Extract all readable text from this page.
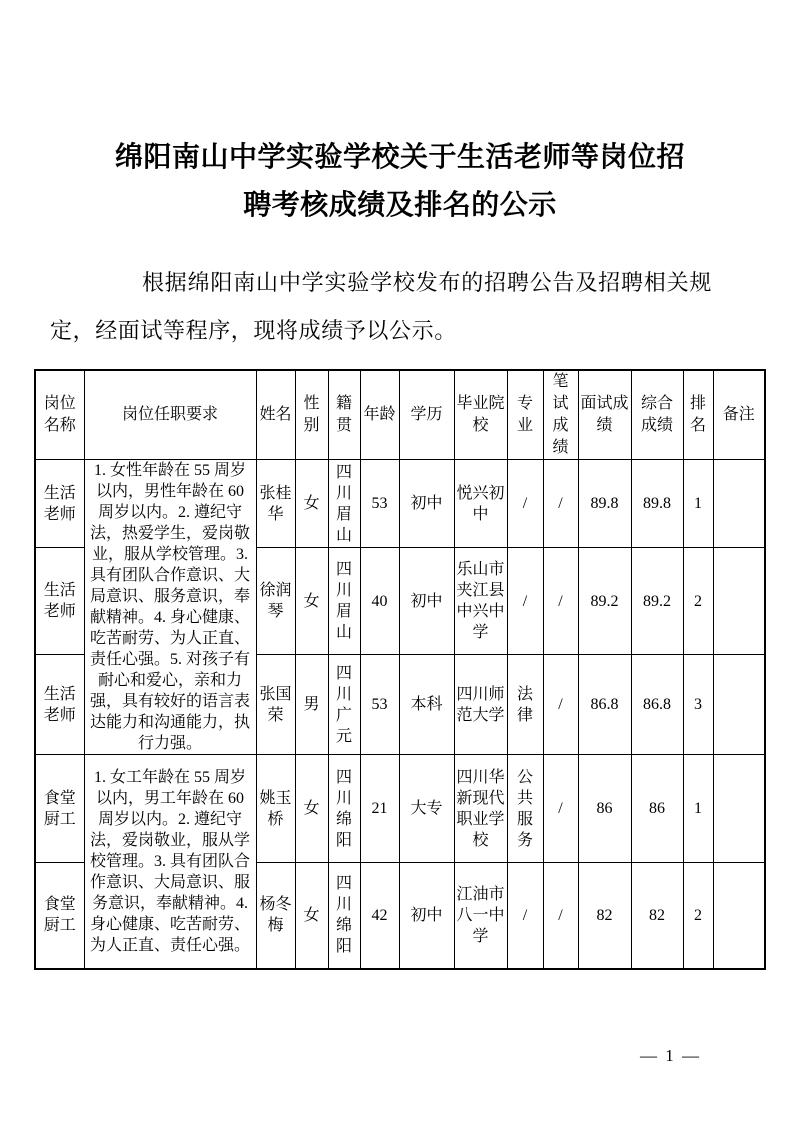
绵阳南山中学实验学校关于生活老师等岗位招
聘考核成绩及排名的公示

根据绵阳南山中学实验学校发布的招聘公告及招聘相关规定，经面试等程序，现将成绩予以公示。

岗位名称	岗位任职要求	姓名	性别	籍贯	年龄	学历	毕业院校	专业	笔试成绩	面试成绩	综合成绩	排名	备注
生活老师	1. 女性年龄在 55 周岁以内，男性年龄在 60 周岁以内。2. 遵纪守法，热爱学生，爱岗敬业，服从学校管理。3. 具有团队合作意识、大局意识、服务意识，奉献精神。4. 身心健康、吃苦耐劳、为人正直、责任心强。5. 对孩子有耐心和爱心，亲和力强，具有较好的语言表达能力和沟通能力，执行力强。	张桂华	女	四川眉山	53	初中	悦兴初中	/	/	89.8	89.8	1	
生活老师		徐润琴	女	四川眉山	40	初中	乐山市夹江县中兴中学	/	/	89.2	89.2	2	
生活老师		张国荣	男	四川广元	53	本科	四川师范大学	法律	/	86.8	86.8	3	
食堂厨工	1. 女工年龄在 55 周岁以内，男工年龄在 60 周岁以内。2. 遵纪守法，爱岗敬业，服从学校管理。3. 具有团队合作意识、大局意识、服务意识，奉献精神。4. 身心健康、吃苦耐劳、为人正直、责任心强。	姚玉桥	女	四川绵阳	21	大专	四川华新现代职业学校	公共服务	/	86	86	1	
食堂厨工		杨冬梅	女	四川绵阳	42	初中	江油市八一中学	/	/	82	82	2	
— 1 —
